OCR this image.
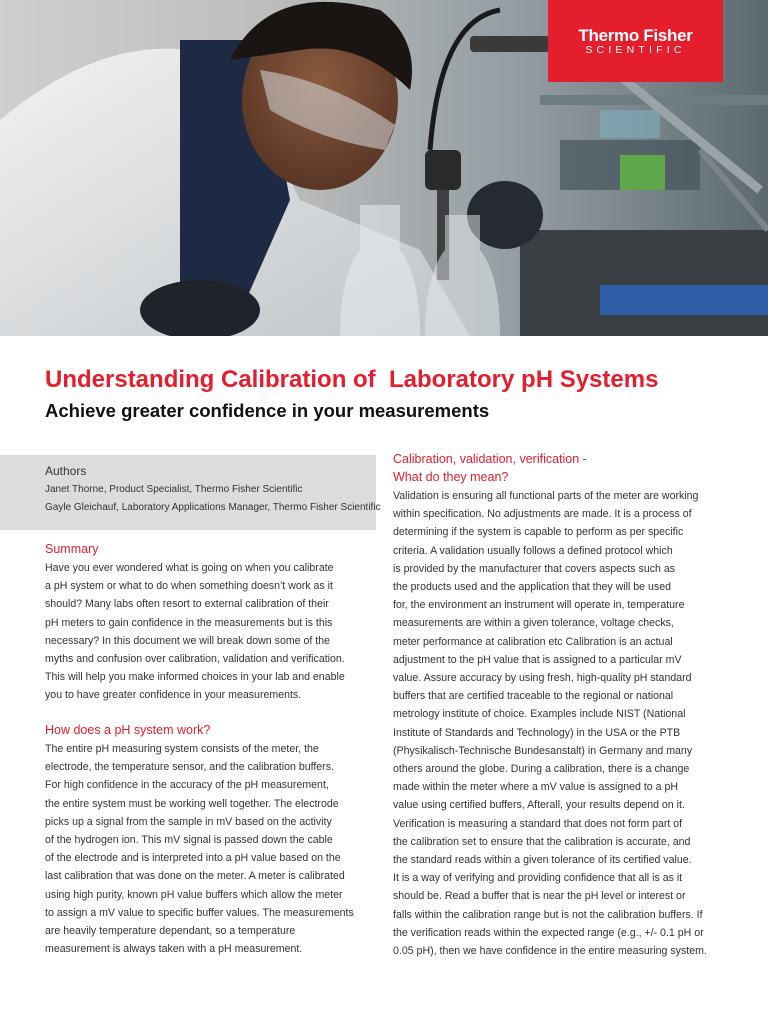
Thermo Fisher
SCIENTIFIC
Understanding Calibration of  Laboratory pH Systems
Achieve greater confidence in your measurements
Authors
Janet Thorne, Product Specialist, Thermo Fisher Scientific
Gayle Gleichauf, Laboratory Applications Manager, Thermo Fisher Scientific
Summary
Have you ever wondered what is going on when you calibrate
a pH system or what to do when something doesn’t work as it
should? Many labs often resort to external calibration of their
pH meters to gain confidence in the measurements but is this
necessary? In this document we will break down some of the
myths and confusion over calibration, validation and verification.
This will help you make informed choices in your lab and enable
you to have greater confidence in your measurements.
How does a pH system work?
The entire pH measuring system consists of the meter, the
electrode, the temperature sensor, and the calibration buffers.
For high confidence in the accuracy of the pH measurement,
the entire system must be working well together. The electrode
picks up a signal from the sample in mV based on the activity
of the hydrogen ion. This mV signal is passed down the cable
of the electrode and is interpreted into a pH value based on the
last calibration that was done on the meter. A meter is calibrated
using high purity, known pH value buffers which allow the meter
to assign a mV value to specific buffer values. The measurements
are heavily temperature dependant, so a temperature
measurement is always taken with a pH measurement.
Calibration, validation, verification -
What do they mean?
Validation is ensuring all functional parts of the meter are working
within specification. No adjustments are made. It is a process of
determining if the system is capable to perform as per specific
criteria. A validation usually follows a defined protocol which
is provided by the manufacturer that covers aspects such as
the products used and the application that they will be used
for, the environment an instrument will operate in, temperature
measurements are within a given tolerance, voltage checks,
meter performance at calibration etc Calibration is an actual
adjustment to the pH value that is assigned to a particular mV
value. Assure accuracy by using fresh, high-quality pH standard
buffers that are certified traceable to the regional or national
metrology institute of choice. Examples include NIST (National
Institute of Standards and Technology) in the USA or the PTB
(Physikalisch-Technische Bundesanstalt) in Germany and many
others around the globe. During a calibration, there is a change
made within the meter where a mV value is assigned to a pH
value using certified buffers, Afterall, your results depend on it.
Verification is measuring a standard that does not form part of
the calibration set to ensure that the calibration is accurate, and
the standard reads within a given tolerance of its certified value.
It is a way of verifying and providing confidence that all is as it
should be. Read a buffer that is near the pH level or interest or
falls within the calibration range but is not the calibration buffers. If
the verification reads within the expected range (e.g., +/- 0.1 pH or
0.05 pH), then we have confidence in the entire measuring system.
